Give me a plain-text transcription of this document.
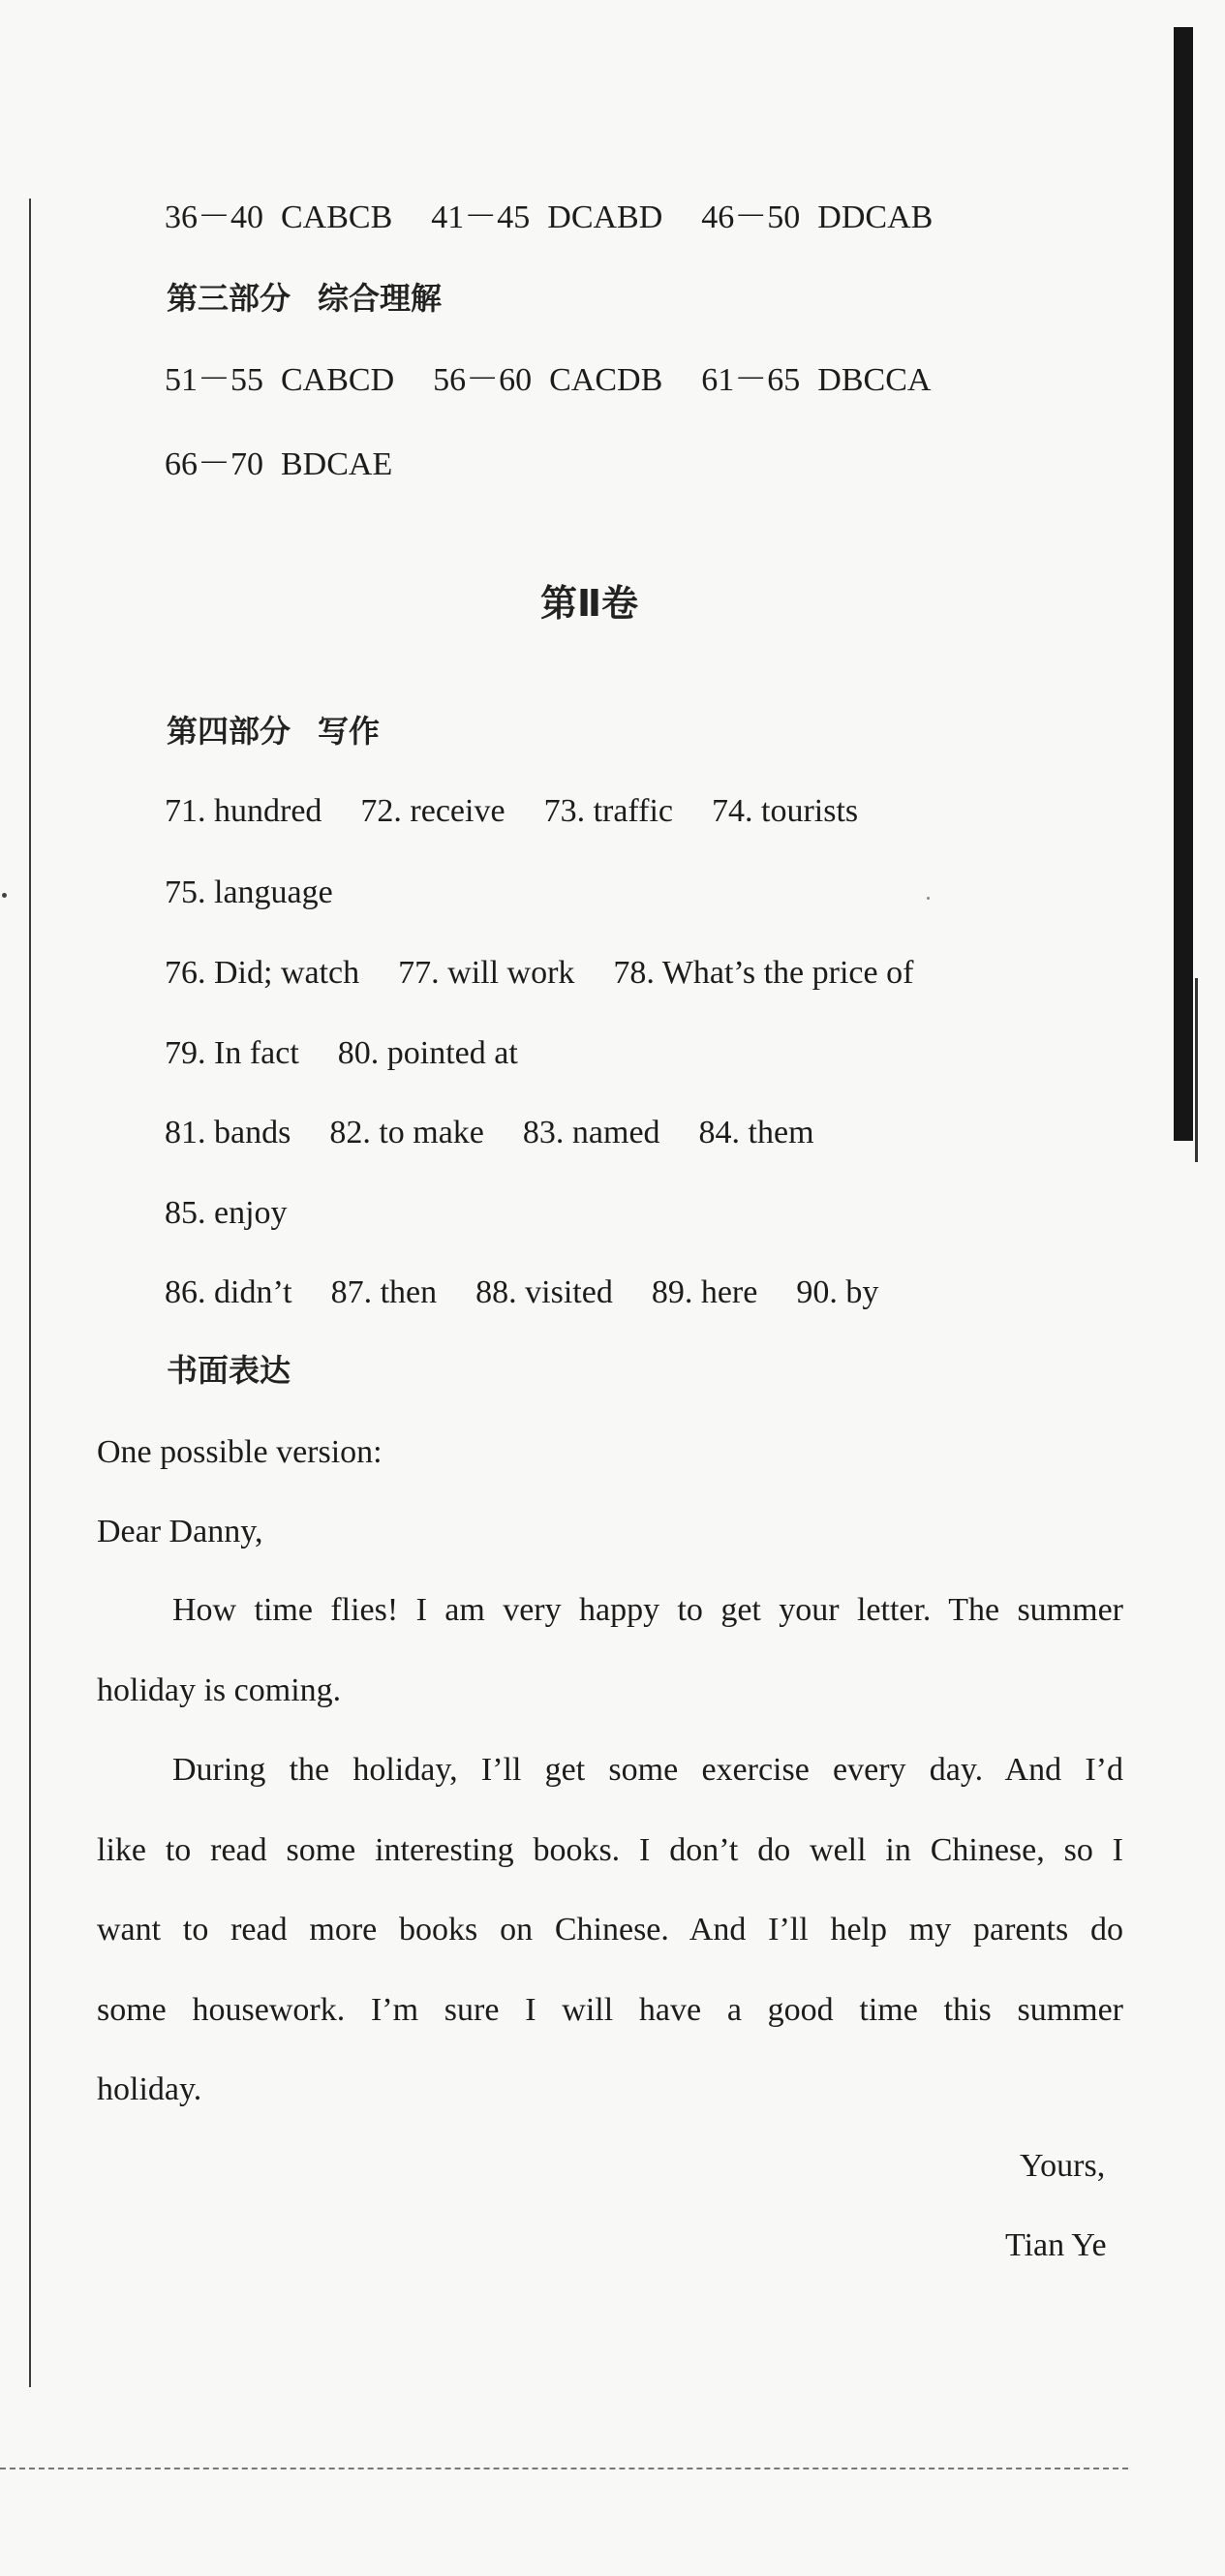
36－40 CABCB 41－45 DCABD 46－50 DDCAB
第三部分 综合理解
51－55 CABCD 56－60 CACDB 61－65 DBCCA
66－70 BDCAE
第Ⅱ卷
第四部分 写作
71. hundred 72. receive 73. traffic 74. tourists
75. language
76. Did; watch 77. will work 78. What’s the price of
79. In fact 80. pointed at
81. bands 82. to make 83. named 84. them
85. enjoy
86. didn’t 87. then 88. visited 89. here 90. by
书面表达
One possible version:
Dear Danny,
How time flies! I am very happy to get your letter. The summer
holiday is coming.
During the holiday, I’ll get some exercise every day. And I’d
like to read some interesting books. I don’t do well in Chinese, so I
want to read more books on Chinese. And I’ll help my parents do
some housework. I’m sure I will have a good time this summer
holiday.
Yours,
Tian Ye
